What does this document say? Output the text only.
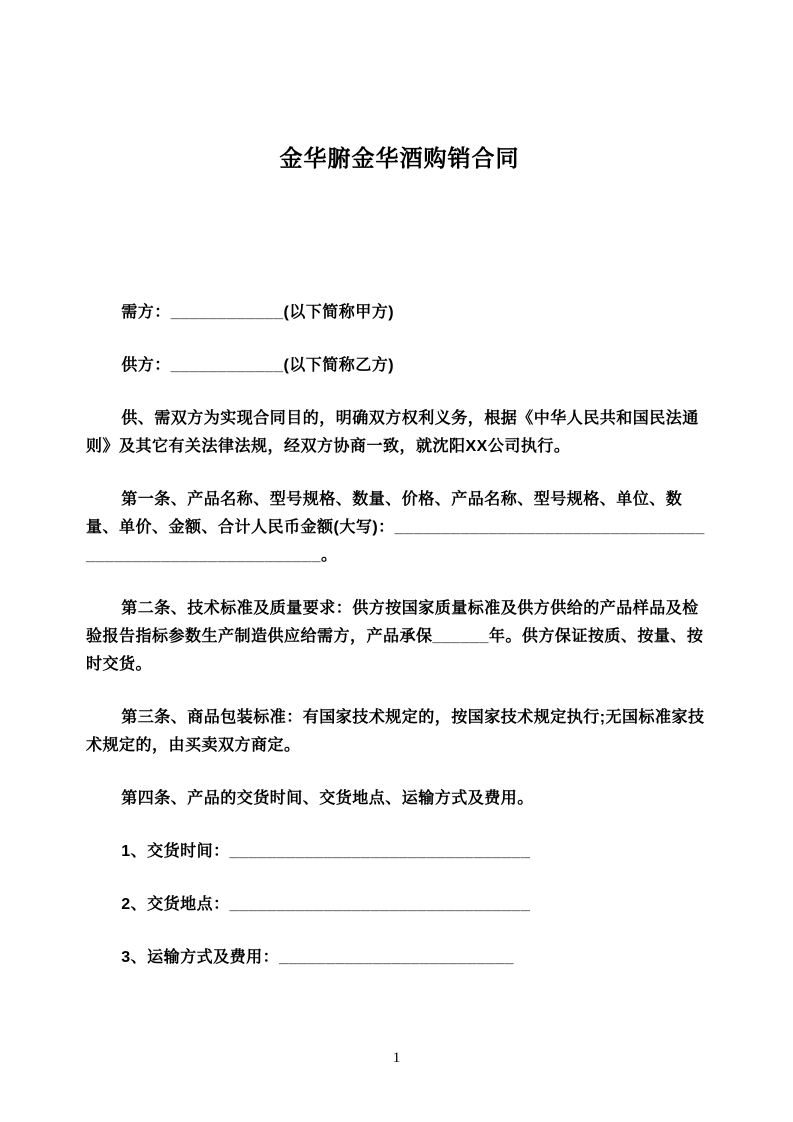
金华腑金华酒购销合同

需方：____________(以下简称甲方)

供方：____________(以下简称乙方)

供、需双方为实现合同目的，明确双方权利义务，根据《中华人民共和国民法通则》及其它有关法律法规，经双方协商一致，就沈阳XX公司执行。

第一条、产品名称、型号规格、数量、价格、产品名称、型号规格、单位、数量、单价、金额、合计人民币金额(大写)：__________________________________________________________。

第二条、技术标准及质量要求：供方按国家质量标准及供方供给的产品样品及检验报告指标参数生产制造供应给需方，产品承保______年。供方保证按质、按量、按时交货。

第三条、商品包装标准：有国家技术规定的，按国家技术规定执行;无国标准家技术规定的，由买卖双方商定。

第四条、产品的交货时间、交货地点、运输方式及费用。

1、交货时间：________________________________

2、交货地点：________________________________

3、运输方式及费用：_________________________

1
